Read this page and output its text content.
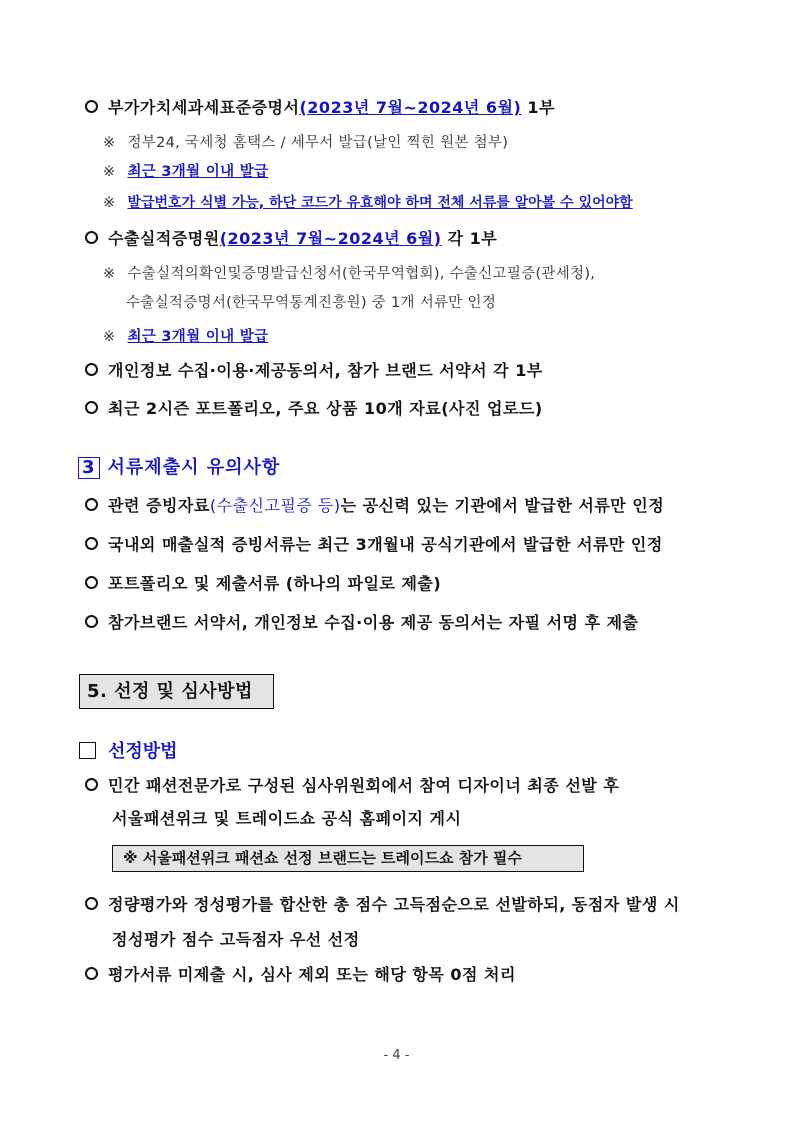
부가가치세과세표준증명서(2023년 7월~2024년 6월) 1부
※ 정부24, 국세청 홈택스 / 세무서 발급(날인 찍힌 원본 첨부)
※ 최근 3개월 이내 발급
※ 발급번호가 식별 가능, 하단 코드가 유효해야 하며 전체 서류를 알아볼 수 있어야함
수출실적증명원(2023년 7월~2024년 6월) 각 1부
※ 수출실적의확인및증명발급신청서(한국무역협회), 수출신고필증(관세청),
수출실적증명서(한국무역통계진흥원) 중 1개 서류만 인정
※ 최근 3개월 이내 발급
개인정보 수집·이용·제공동의서, 참가 브랜드 서약서 각 1부
최근 2시즌 포트폴리오, 주요 상품 10개 자료(사진 업로드)
3 서류제출시 유의사항
관련 증빙자료(수출신고필증 등)는 공신력 있는 기관에서 발급한 서류만 인정
국내외 매출실적 증빙서류는 최근 3개월내 공식기관에서 발급한 서류만 인정
포트폴리오 및 제출서류 (하나의 파일로 제출)
참가브랜드 서약서, 개인정보 수집·이용 제공 동의서는 자필 서명 후 제출
5. 선정 및 심사방법
선정방법
민간 패션전문가로 구성된 심사위원회에서 참여 디자이너 최종 선발 후
서울패션위크 및 트레이드쇼 공식 홈페이지 게시
※ 서울패션위크 패션쇼 선정 브랜드는 트레이드쇼 참가 필수
정량평가와 정성평가를 합산한 총 점수 고득점순으로 선발하되, 동점자 발생 시
정성평가 점수 고득점자 우선 선정
평가서류 미제출 시, 심사 제외 또는 해당 항목 0점 처리
- 4 -
